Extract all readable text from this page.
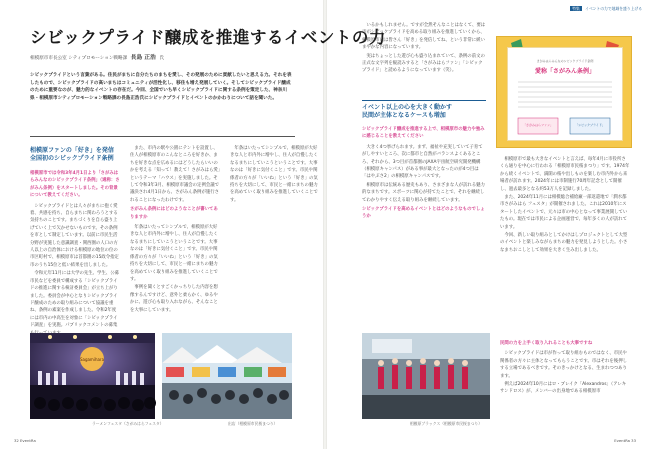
特集 イベントの力で地域を盛り上げる
シビックプライド醸成を推進するイベントの力
相模原市市長公室 シティプロモーション戦略課 長島 正浩 氏
シビックプライドという言葉がある。住民がまちに自分たちのまちを愛し、その発展のために貢献したいと思える力。それを表したもので、シビックプライドの高いまちはコミュニティが活性化し、移住も増え発展していく。そしてシビックプライド醸成のために重要なのが、魅力的なイベントの存在だ。今回、全国でいち早くシビックプライドに関する条例を策定した、神奈川県・相模原市シティプロモーション戦略課の長島正浩氏にシビックプライドとイベントのかかわりについて話を聞いた。
相模原ファンの「好き」を発信
全国初のシビックプライド条例
相模原市では令和3年4月1日より「さがみはらみんなのシビックプライド条例」（通称：さがみん条例）をスタートしました。その背景について教えてください。

シビックプライドとは人々がまちに抱く愛着、共感を持ち、自らまちに関わろうとする気持ちのことです。まちづくりを自ら盛り上げていく上で欠かせないものです。その条例を市として制定しています。以前に市民生活分野が実施した意識調査・関西圏の人口の方人以上の自治体における相模原の地位の位の市区町村で、相模原市は首都圏の15政令指定市のうち15位と低い結果を出しました。

令和元年11月には大学の先生、学生、公募市民などを委員で構成する「シビックプライドの推進に関する検討委員会」が立ち上がりました。委員会が中心となりシビックプライド醸成のための取り組みについて協議を重ね、条例の素案を作成しました。令和2年度には市内の中高生を対象に「シビックプライド調査」を実施。パブリックコメントの募集

また、市内の駅や公園にテントを設置し、住人が相模原市のこんなところを好きか、まちを好きな点を広めるにはどうしたらいいのかを考える「知って！教えて！さがみはら愛」というテーマ「ハウス」を実施しました。そして令和3年3月、相模原市議会の定例会議で議決され4月1日から、さがみん条例が施行されることになったわけです。

さがみん条例にはどのようなことが書いてありますか

年条はいたってシンプルで、相模原が大好きな人と市内外に増やし、住人が自慢したくなるまちにしていこうということです。大事なのは「好きに気付くこと」です。市民や関係者の方々が「いいね」という「好き」の気持ちを大切にして、市民と一緒にまちの魅力を高めていく取り組みを推進していくことです。

事例を聞くとすごくかっちりした内容を想像するんですけど、意外と柔らかく、ゆるやかに、遊び心も取り入れながら、そんなことを大事にしています。

年条はいたってシンプルで、相模原が大好きな人と市内外に増やし、住人が自慢したくなるまちにしていこうということです。大事なのは「好きに気付くこと」です。市民や関係者の方々が「いいね」という「好き」の気持ちを大切にして、市民と一緒にまちの魅力を高めていく取り組みを推進していくことです。

Sagamihara
ラーメンフェスタ（さがみはらフェスタ）	出店（相模原市民桜まつり）

いるかもしれません。ですが全然そんなことはなくて、要は市がシビックプライドを高める取り組みを推進していくから、相模原市内は皆さん「好き」を発信してね、という非常に緩いまやかな内容になっています。

実はちょっとした遊び心も盛り込まれていて、条例の前文の正式な文字列を縦読みすると「さがみはらファン」「シビックプライド」と読めるようになっています（笑）。

イベント以上の心を大きく動かす
民間が主体となるケースも増加
シビックプライド醸成を推進する上で、相模原市の魅力や強みに感じることを教えてください

大きく4つ挙げられます。まず、福祉や充実していて子育てがしやすいところ、次に都市と自然がバランスよくあるところ、それから、3つ目が首都圏のJAXA宇宙航空研究開発機構（相模原キャンパス）がある事が最大となったのが4つ目は「はやぶさ2」の相模原キャンパスです。

相模原市は伝統ある歴史もあり、さまざまな人が訪れる魅力的なまちです。スポーツに関心が持てたことで、それを継続してわかりやすく伝える取り組みを継続しています。

シビックプライドを高めるイベントとはどのようなものでしょうか
さがみはらみんなのシビックプライド条例
愛称「さがみん条例」
「さがみはらファン」	「シビックプライド」

相模原市で最も大きなイベントと言えば、毎年4月に市役所さくら通りを中心に行われる「相模原市民桜まつり」です。1974年から続くイベントで、満開の桜や出しものを楽しむ市内外から来場者が訪れます。2024年には市制施行70周年記念として開催し、過去最多となる約53万人を記録しました。

また、2024年11月には相模総合補給廠一部返還地で「潤水都市さがみはら フェスタ」が開催されました。これは2010年にスタートしたイベントで、元々は市の中心となって事業展開していたもの。現在では市民による企画運営で、毎年多くの人が訪れています。

今回、新しい取り組みとしてかけはしプロジェクトとして大型のイベントと楽しみながらまちの魅力を発見しようとした。小さなまちおこしとして効果を大きく生み出しました。

相模原ブラックス（相模原市民桜まつり）
民間の力を上手く取り入れることも大事ですね

シビックプライドは市が作って取り組むものではなく、市民や関係者の方々に主体となってもらうことです。市はそれを後押しする立場であるべきです。そのきっかけとなる、生まれつつあります。

例えば2024年10月にはロ・ブレイク「Alexandros」（アレキサンドロス）が、メンバーの出身地である相模原市

32 EventRa	EventRa 33
